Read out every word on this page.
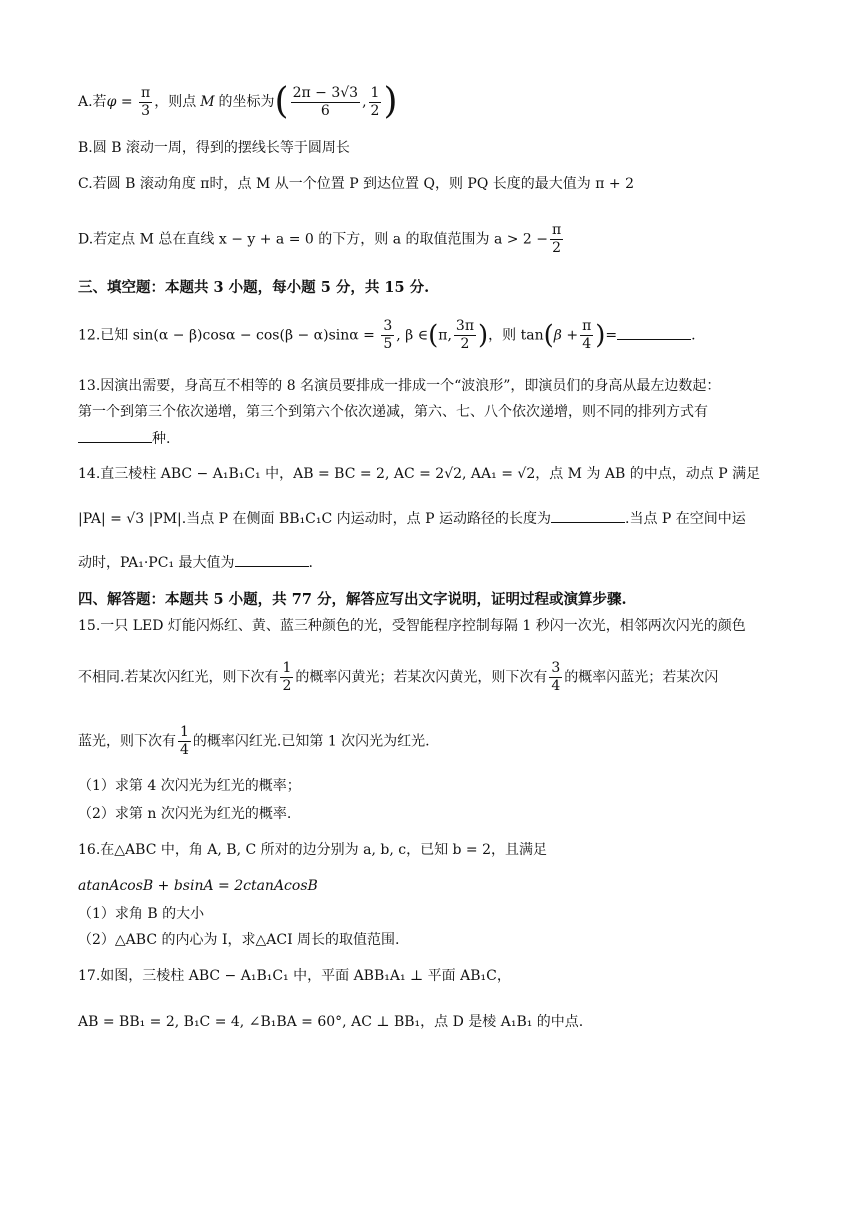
A.若$\varphi = \frac{\pi}{3}$ ，则点 M 的坐标为( $\frac{2\pi - 3√3}{6}$ , $\frac{1}{2}$ )
B.圆 B 滚动一周，得到的摆线长等于圆周长
C.若圆 B 滚动角度 π时，点 M 从一个位置 P 到达位置 Q，则 PQ 长度的最大值为 π + 2
D.若定点 M 总在直线 x − y + a = 0 的下方，则 a 的取值范围为 $a > 2 - \frac{\pi}{2}$
三、填空题：本题共 3 小题，每小题 5 分，共 15 分.
12.已知 $\sin(\alpha - \beta)\cos\alpha - \cos(\beta - \alpha)\sin\alpha = \frac{3}{5}$ , β ∈(π, $\frac{3\pi}{2}$ )，则 $\tan(\beta + \frac{\pi}{4}$ )=	.
13.因演出需要，身高互不相等的 8 名演员要排成一排成一个“波浪形”，即演员们的身高从最左边数起：
第一个到第三个依次递增，第三个到第六个依次递减，第六、七、八个依次递增，则不同的排列方式有
种.
14.直三棱柱 ABC − A₁B₁C₁ 中，AB = BC = 2, AC = 2√2, AA₁ = √2，点 M 为 AB 的中点，动点 P 满足
|PA| = √3 |PM|.当点 P 在侧面 BB₁C₁C 内运动时，点 P 运动路径的长度为	.当点 P 在空间中运
动时，PA₁·PC₁ 最大值为	.
四、解答题：本题共 5 小题，共 77 分，解答应写出文字说明，证明过程或演算步骤.
15.一只 LED 灯能闪烁红、黄、蓝三种颜色的光，受智能程序控制每隔 1 秒闪一次光，相邻两次闪光的颜色
不相同.若某次闪红光，则下次有 $\frac{1}{2}$ 的概率闪黄光；若某次闪黄光，则下次有 $\frac{3}{4}$ 的概率闪蓝光；若某次闪
蓝光，则下次有 $\frac{1}{4}$ 的概率闪红光.已知第 1 次闪光为红光.
（1）求第 4 次闪光为红光的概率；
（2）求第 n 次闪光为红光的概率.
16.在△ABC 中，角 A, B, C 所对的边分别为 a, b, c，已知 b = 2，且满足
atanAcosB + bsinA = 2ctanAcosB
（1）求角 B 的大小
（2）△ABC 的内心为 I，求△ACI 周长的取值范围.
17.如图，三棱柱 ABC − A₁B₁C₁ 中，平面 ABB₁A₁ ⊥ 平面 AB₁C，
AB = BB₁ = 2, B₁C = 4, ∠B₁BA = 60°, AC ⊥ BB₁，点 D 是棱 A₁B₁ 的中点.
